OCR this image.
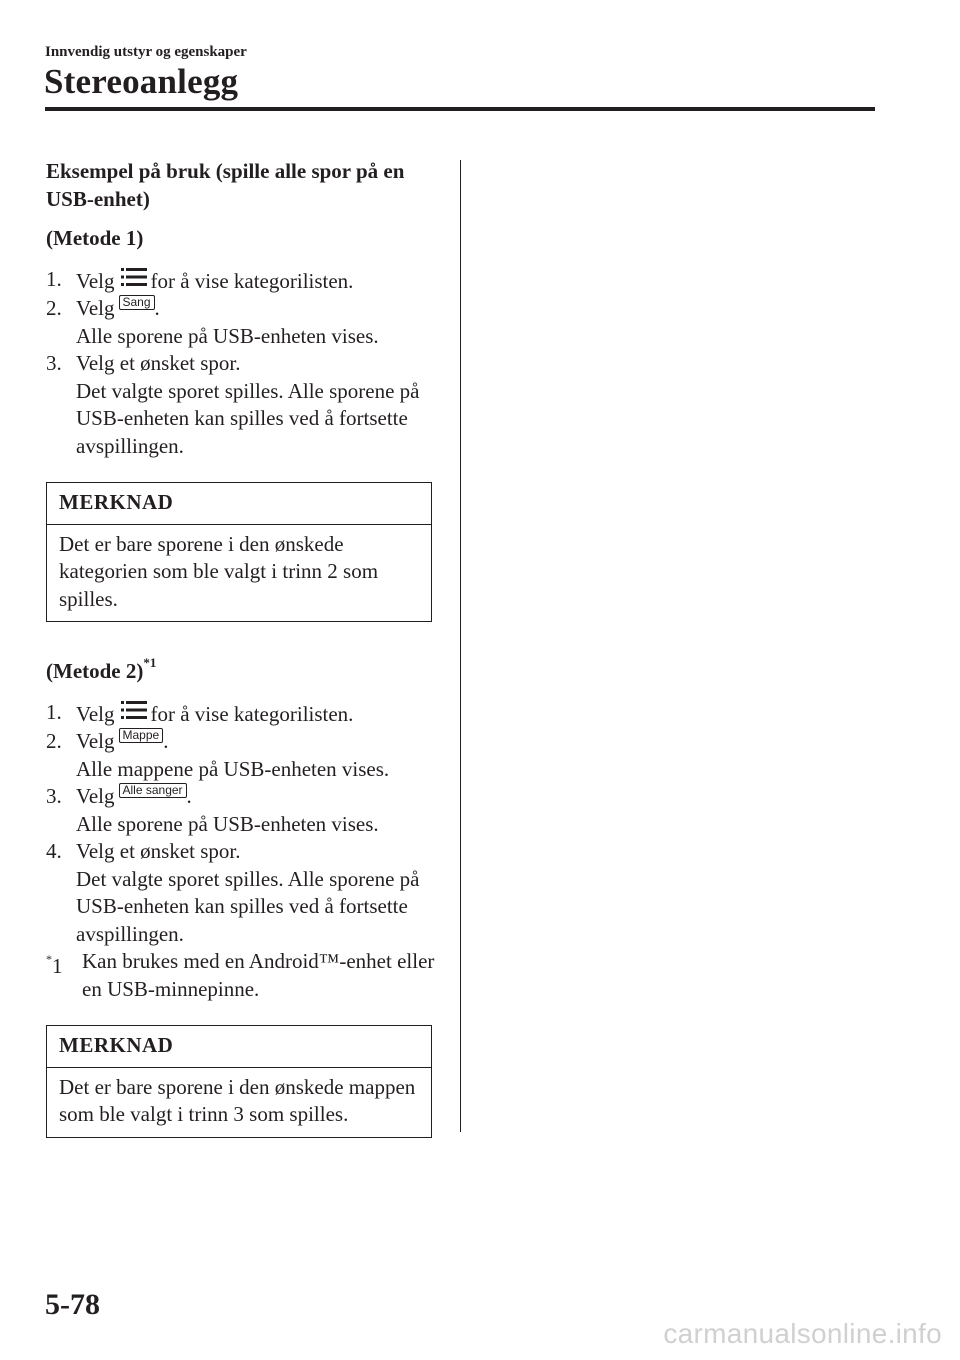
Innvendig utstyr og egenskaper
Stereoanlegg
Eksempel på bruk (spille alle spor på en USB-enhet)
(Metode 1)
1. Velg for å vise kategorilisten.
2. Velg Sang .
Alle sporene på USB-enheten vises.
3. Velg et ønsket spor.
Det valgte sporet spilles. Alle sporene på USB-enheten kan spilles ved å fortsette avspillingen.
MERKNAD
Det er bare sporene i den ønskede kategorien som ble valgt i trinn 2 som spilles.
(Metode 2)$^{*1}$
1. Velg for å vise kategorilisten.
2. Velg Mappe .
Alle mappene på USB-enheten vises.
3. Velg Alle sanger .
Alle sporene på USB-enheten vises.
4. Velg et ønsket spor.
Det valgte sporet spilles. Alle sporene på USB-enheten kan spilles ved å fortsette avspillingen.
*1 Kan brukes med en Android™-enhet eller en USB-minnepinne.
MERKNAD
Det er bare sporene i den ønskede mappen som ble valgt i trinn 3 som spilles.
5-78
carmanualsonline.info
